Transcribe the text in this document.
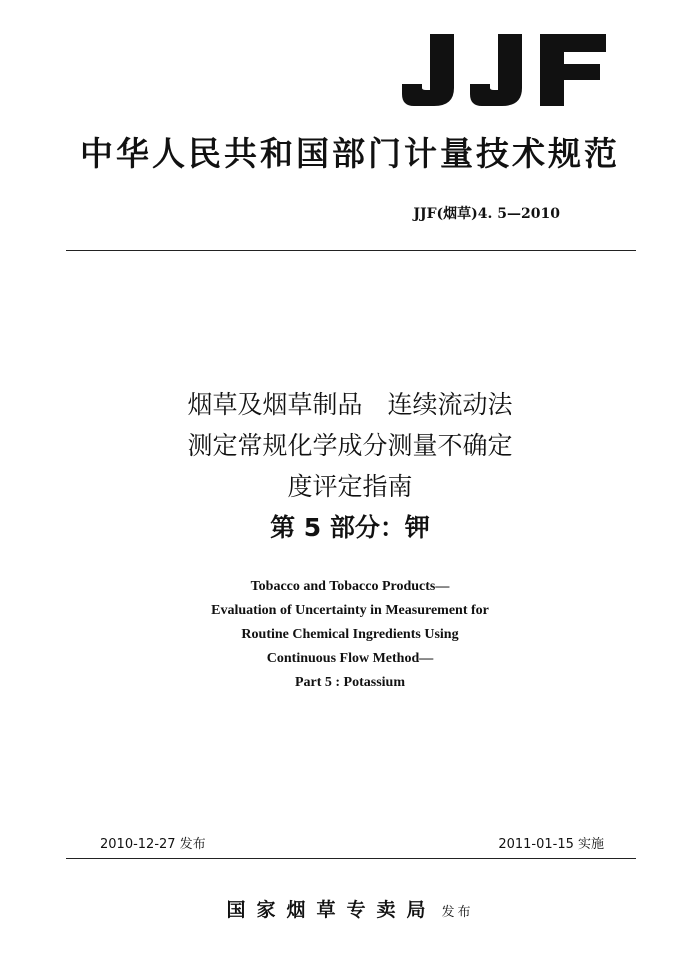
中华人民共和国部门计量技术规范
JJF(烟草)4. 5—2010
烟草及烟草制品　连续流动法
测定常规化学成分测量不确定
度评定指南
第 5 部分：钾
Tobacco and Tobacco Products—
Evaluation of Uncertainty in Measurement for
Routine Chemical Ingredients Using
Continuous Flow Method—
Part 5 : Potassium
2010-12-27 发布	2011-01-15 实施
国家烟草专卖局 发布
